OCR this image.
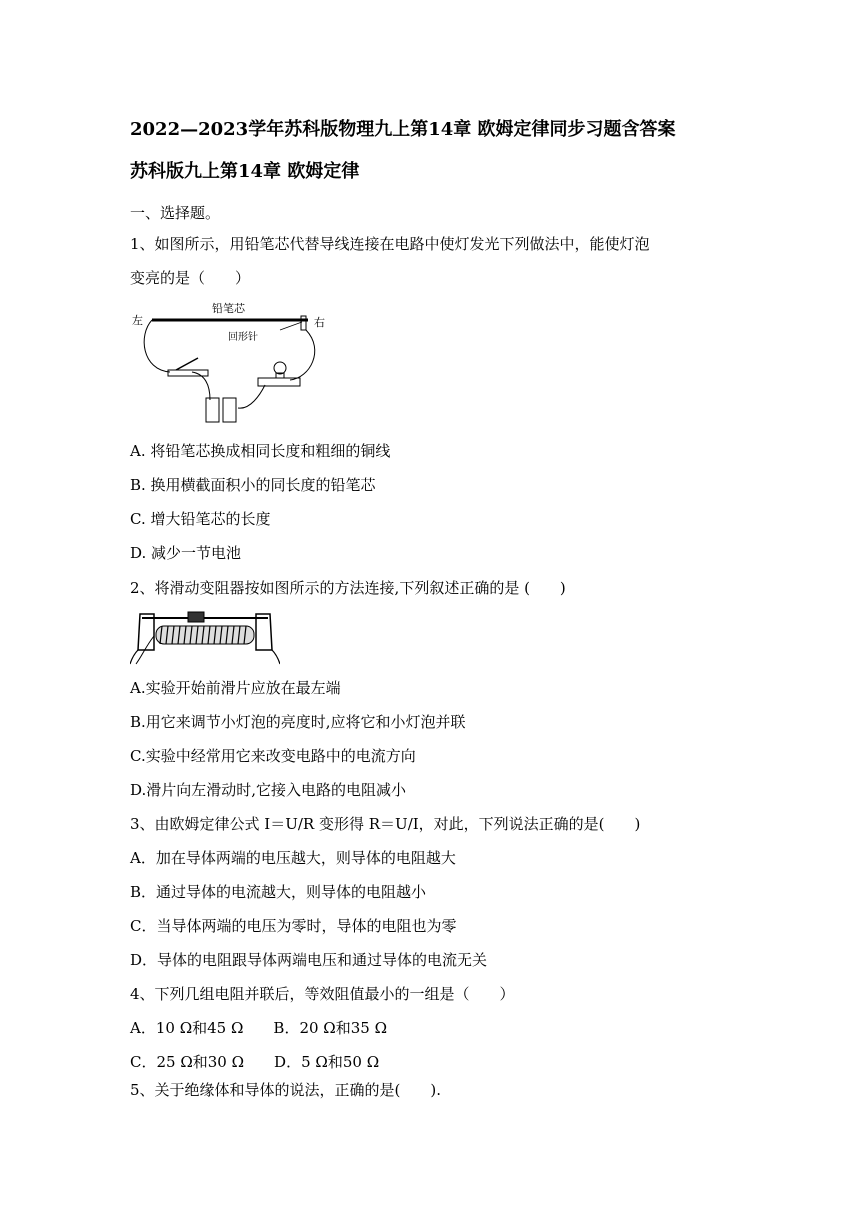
2022—2023学年苏科版物理九上第14章 欧姆定律同步习题含答案
苏科版九上第14章 欧姆定律
一、选择题。
1、如图所示，用铅笔芯代替导线连接在电路中使灯发光下列做法中，能使灯泡
变亮的是（　　）
左
铅笔芯
右
回形针
A. 将铅笔芯换成相同长度和粗细的铜线
B. 换用横截面积小的同长度的铅笔芯
C. 增大铅笔芯的长度
D. 减少一节电池
2、将滑动变阻器按如图所示的方法连接,下列叙述正确的是 (　　)
A.实验开始前滑片应放在最左端
B.用它来调节小灯泡的亮度时,应将它和小灯泡并联
C.实验中经常用它来改变电路中的电流方向
D.滑片向左滑动时,它接入电路的电阻减小
3、由欧姆定律公式 I＝U/R 变形得 R＝U/I，对此，下列说法正确的是(　　)
A．加在导体两端的电压越大，则导体的电阻越大
B．通过导体的电流越大，则导体的电阻越小
C．当导体两端的电压为零时，导体的电阻也为零
D．导体的电阻跟导体两端电压和通过导体的电流无关
4、下列几组电阻并联后，等效阻值最小的一组是（　　）
A．10 Ω和45 Ω　　B．20 Ω和35 Ω
C．25 Ω和30 Ω　　D．5 Ω和50 Ω
5、关于绝缘体和导体的说法，正确的是(　　).
